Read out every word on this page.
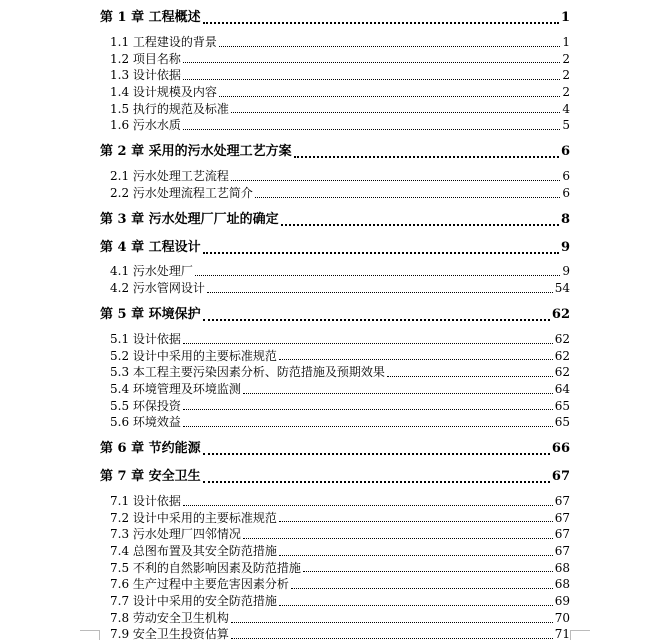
第 1 章 工程概述	1
1.1 工程建设的背景	1
1.2 项目名称	2
1.3 设计依据	2
1.4 设计规模及内容	2
1.5 执行的规范及标准	4
1.6 污水水质	5
第 2 章 采用的污水处理工艺方案	6
2.1 污水处理工艺流程	6
2.2 污水处理流程工艺简介	6
第 3 章 污水处理厂厂址的确定	8
第 4 章 工程设计	9
4.1 污水处理厂	9
4.2 污水管网设计	54
第 5 章 环境保护	62
5.1 设计依据	62
5.2 设计中采用的主要标准规范	62
5.3 本工程主要污染因素分析、防范措施及预期效果	62
5.4 环境管理及环境监测	64
5.5 环保投资	65
5.6 环境效益	65
第 6 章 节约能源	66
第 7 章 安全卫生	67
7.1 设计依据	67
7.2 设计中采用的主要标准规范	67
7.3 污水处理厂四邻情况	67
7.4 总图布置及其安全防范措施	67
7.5 不利的自然影响因素及防范措施	68
7.6 生产过程中主要危害因素分析	68
7.7 设计中采用的安全防范措施	69
7.8 劳动安全卫生机构	70
7.9 安全卫生投资估算	71
